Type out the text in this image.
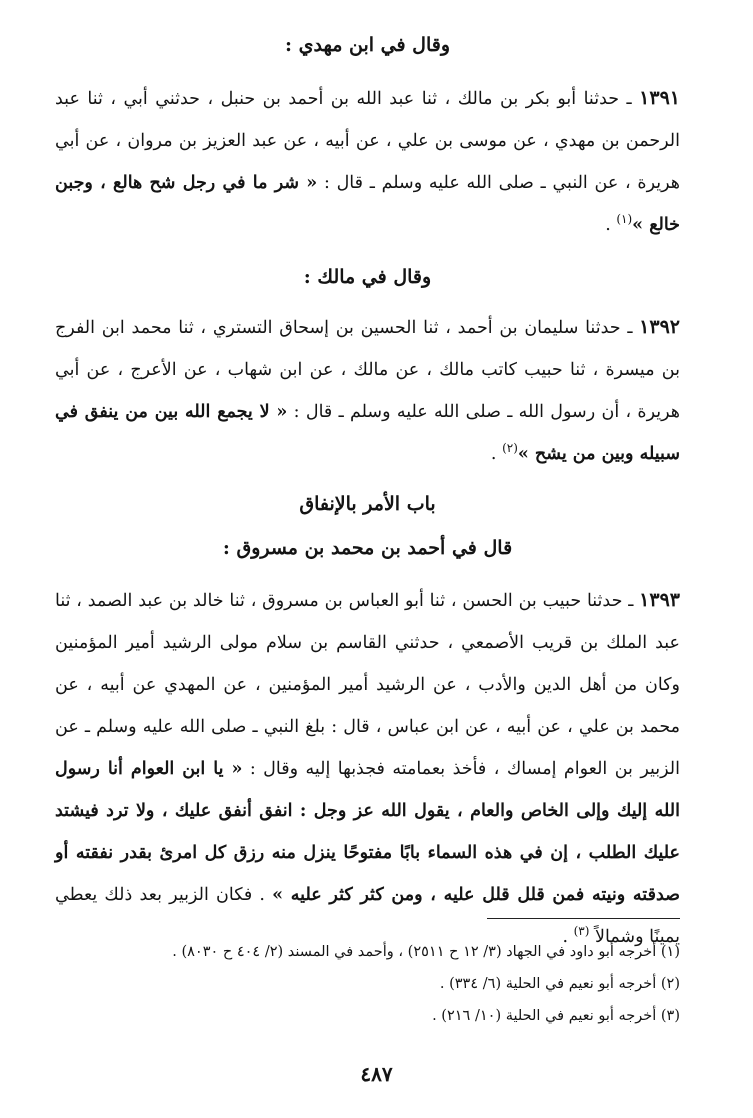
وقال في ابن مهدي :

١٣٩١ ـ حدثنا أبو بكر بن مالك ، ثنا عبد الله بن أحمد بن حنبل ، حدثني أبي ، ثنا عبد الرحمن بن مهدي ، عن موسى بن علي ، عن أبيه ، عن عبد العزيز بن مروان ، عن أبي هريرة ، عن النبي ـ صلى الله عليه وسلم ـ قال : « شر ما في رجل شح هالع ، وجبن خالع »$^{(١)}$ .

وقال في مالك :

١٣٩٢ ـ حدثنا سليمان بن أحمد ، ثنا الحسين بن إسحاق التستري ، ثنا محمد ابن الفرج بن ميسرة ، ثنا حبيب كاتب مالك ، عن مالك ، عن ابن شهاب ، عن الأعرج ، عن أبي هريرة ، أن رسول الله ـ صلى الله عليه وسلم ـ قال : « لا يجمع الله بين من ينفق في سبيله وبين من يشح »$^{(٢)}$ .

باب الأمر بالإنفاق

قال في أحمد بن محمد بن مسروق :

١٣٩٣ ـ حدثنا حبيب بن الحسن ، ثنا أبو العباس بن مسروق ، ثنا خالد بن عبد الصمد ، ثنا عبد الملك بن قريب الأصمعي ، حدثني القاسم بن سلام مولى الرشيد أمير المؤمنين وكان من أهل الدين والأدب ، عن الرشيد أمير المؤمنين ، عن المهدي عن أبيه ، عن محمد بن علي ، عن أبيه ، عن ابن عباس ، قال : بلغ النبي ـ صلى الله عليه وسلم ـ عن الزبير بن العوام إمساك ، فأخذ بعمامته فجذبها إليه وقال : « يا ابن العوام أنا رسول الله إليك وإلى الخاص والعام ، يقول الله عز وجل : انفق أنفق عليك ، ولا ترد فيشتد عليك الطلب ، إن في هذه السماء بابًا مفتوحًا ينزل منه رزق كل امرئ بقدر نفقته أو صدقته ونيته فمن قلل قلل عليه ، ومن كثر كثر عليه » . فكان الزبير بعد ذلك يعطي يمينًا وشمالاً $^{(٣)}$ .

(١) أخرجه أبو داود في الجهاد (٣/ ١٢ ح ٢٥١١) ، وأحمد في المسند (٢/ ٤٠٤ ح ٨٠٣٠) .

(٢) أخرجه أبو نعيم في الحلية (٦/ ٣٣٤) .

(٣) أخرجه أبو نعيم في الحلية (١٠/ ٢١٦) .

٤٨٧
